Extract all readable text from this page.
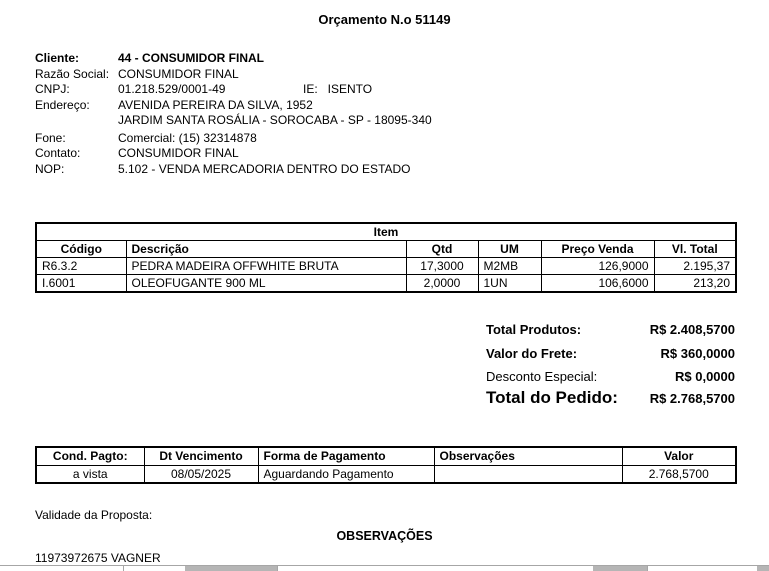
Orçamento N.o 51149
Cliente:	44 - CONSUMIDOR FINAL
Razão Social: CONSUMIDOR FINAL
CNPJ:	01.218.529/0001-49	IE: ISENTO
Endereço:	AVENIDA PEREIRA DA SILVA, 1952
JARDIM SANTA ROSÁLIA - SOROCABA - SP - 18095-340
Fone:	Comercial: (15) 32314878
Contato:	CONSUMIDOR FINAL
NOP:	5.102 - VENDA MERCADORIA DENTRO DO ESTADO
Item					
Código	Descrição	Qtd	UM	Preço Venda	Vl. Total
R6.3.2	PEDRA MADEIRA OFFWHITE BRUTA	17,3000	M2MB	126,9000	2.195,37
I.6001	OLEOFUGANTE 900 ML	2,0000	1UN	106,6000	213,20
Total Produtos:	R$ 2.408,5700
Valor do Frete:	R$ 360,0000
Desconto Especial:	R$ 0,0000
Total do Pedido: R$ 2.768,5700
Cond. Pagto:	Dt Vencimento	Forma de Pagamento	Observações	Valor
a vista	08/05/2025	Aguardando Pagamento		2.768,5700
Validade da Proposta:
OBSERVAÇÕES
11973972675 VAGNER
